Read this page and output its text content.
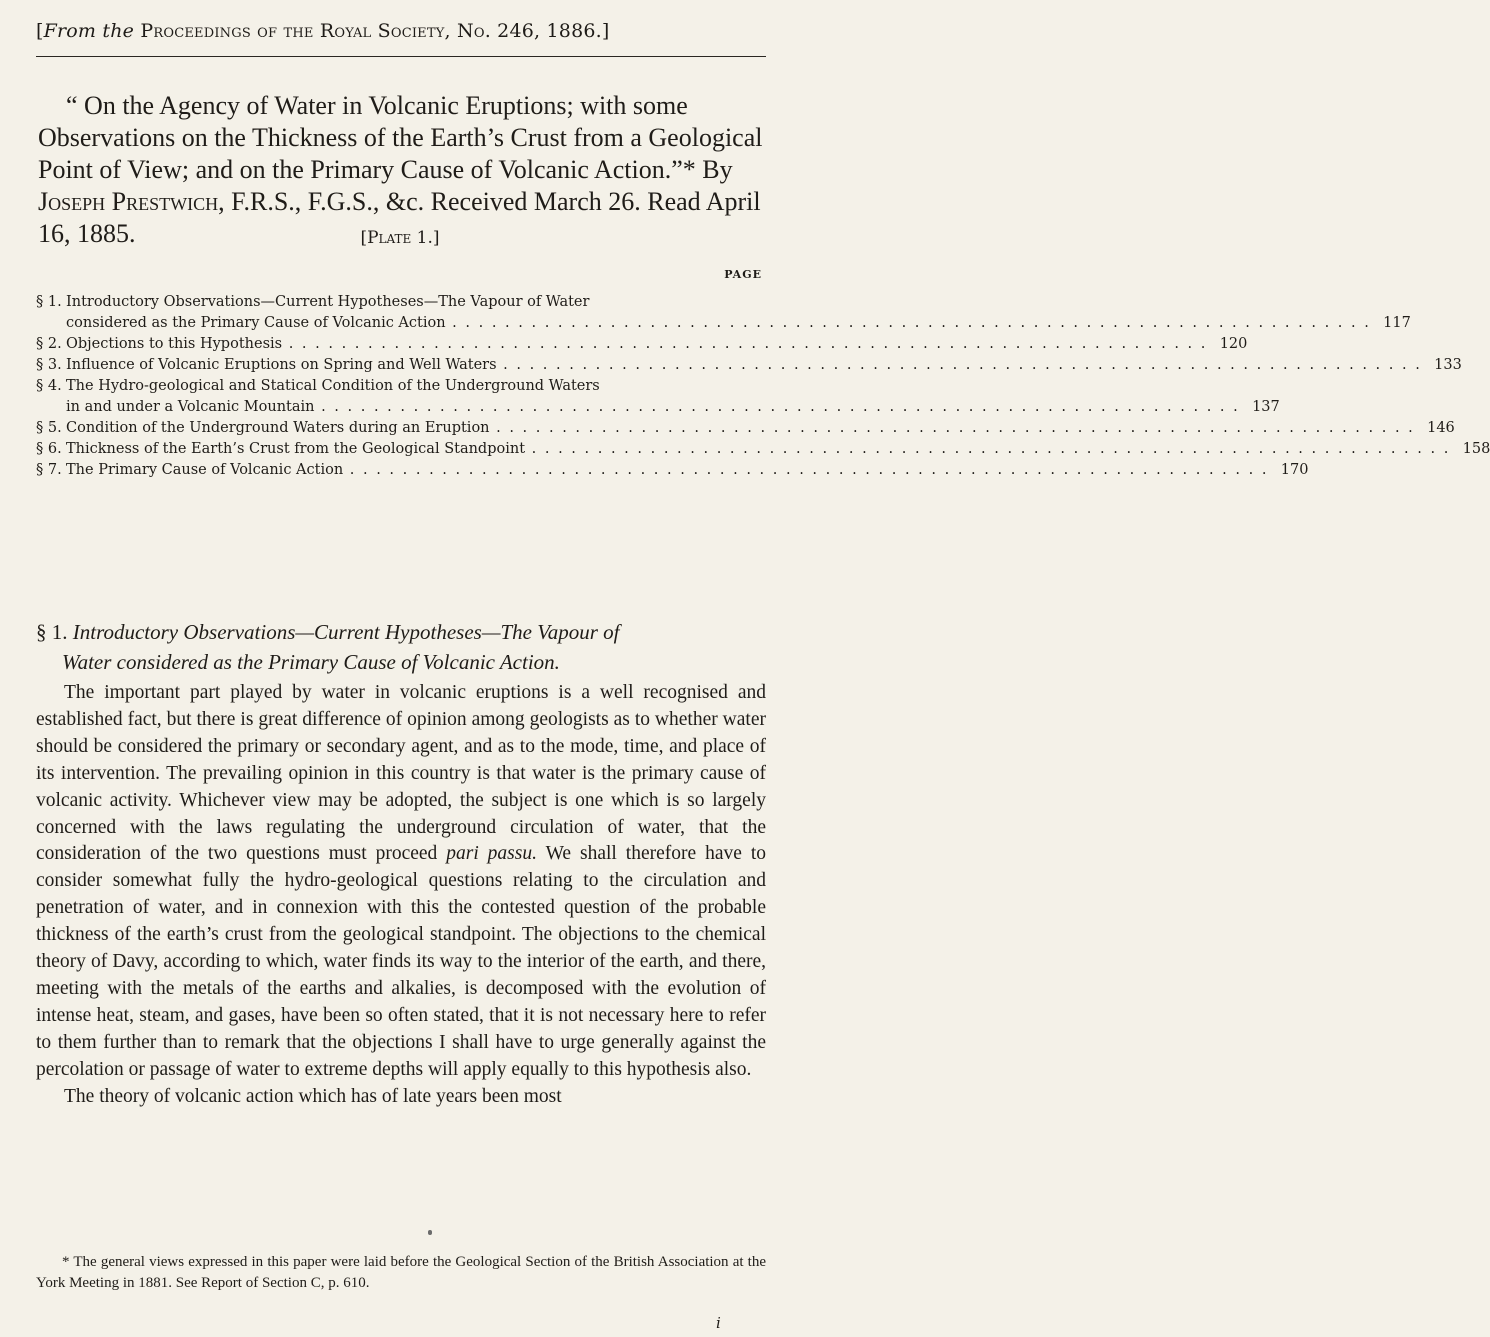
[From the Proceedings of the Royal Society, No. 246, 1886.]
“ On the Agency of Water in Volcanic Eruptions; with some Observations on the Thickness of the Earth’s Crust from a Geological Point of View; and on the Primary Cause of Volcanic Action.”* By Joseph Prestwich, F.R.S., F.G.S., &c. Received March 26. Read April 16, 1885.	[Plate 1.]
PAGE
§ 1. Introductory Observations—Current Hypotheses—The Vapour of Water
considered as the Primary Cause of Volcanic Action . . . . . . . . . . . . . . . . . . . . . . . . . . . . . . . . . . . . . . . . . . . . . . . . . . . . . . . . . . . . . . . . . . . . . . 117
§ 2. Objections to this Hypothesis . . . . . . . . . . . . . . . . . . . . . . . . . . . . . . . . . . . . . . . . . . . . . . . . . . . . . . . . . . . . . . . . . . . . . . 120
§ 3. Influence of Volcanic Eruptions on Spring and Well Waters . . . . . . . . . . . . . . . . . . . . . . . . . . . . . . . . . . . . . . . . . . . . . . . . . . . . . . . . . . . . . . . . . . . . . . 133
§ 4. The Hydro-geological and Statical Condition of the Underground Waters
in and under a Volcanic Mountain . . . . . . . . . . . . . . . . . . . . . . . . . . . . . . . . . . . . . . . . . . . . . . . . . . . . . . . . . . . . . . . . . . . . . . 137
§ 5. Condition of the Underground Waters during an Eruption . . . . . . . . . . . . . . . . . . . . . . . . . . . . . . . . . . . . . . . . . . . . . . . . . . . . . . . . . . . . . . . . . . . . . . 146
§ 6. Thickness of the Earth’s Crust from the Geological Standpoint . . . . . . . . . . . . . . . . . . . . . . . . . . . . . . . . . . . . . . . . . . . . . . . . . . . . . . . . . . . . . . . . . . . . . . 158
§ 7. The Primary Cause of Volcanic Action . . . . . . . . . . . . . . . . . . . . . . . . . . . . . . . . . . . . . . . . . . . . . . . . . . . . . . . . . . . . . . . . . . . . . . 170
§ 1. Introductory Observations—Current Hypotheses—The Vapour of
Water considered as the Primary Cause of Volcanic Action.

The important part played by water in volcanic eruptions is a well recognised and established fact, but there is great difference of opinion among geologists as to whether water should be considered the primary or secondary agent, and as to the mode, time, and place of its intervention. The prevailing opinion in this country is that water is the primary cause of volcanic activity. Whichever view may be adopted, the subject is one which is so largely concerned with the laws regulating the underground circulation of water, that the consideration of the two questions must proceed pari passu. We shall therefore have to consider somewhat fully the hydro-geological questions relating to the circulation and penetration of water, and in connexion with this the contested question of the probable thickness of the earth’s crust from the geological standpoint. The objections to the chemical theory of Davy, according to which, water finds its way to the interior of the earth, and there, meeting with the metals of the earths and alkalies, is decomposed with the evolution of intense heat, steam, and gases, have been so often stated, that it is not necessary here to refer to them further than to remark that the objections I shall have to urge generally against the percolation or passage of water to extreme depths will apply equally to this hypothesis also.

The theory of volcanic action which has of late years been most

* The general views expressed in this paper were laid before the Geological Section of the British Association at the York Meeting in 1881. See Report of Section C, p. 610.

i
